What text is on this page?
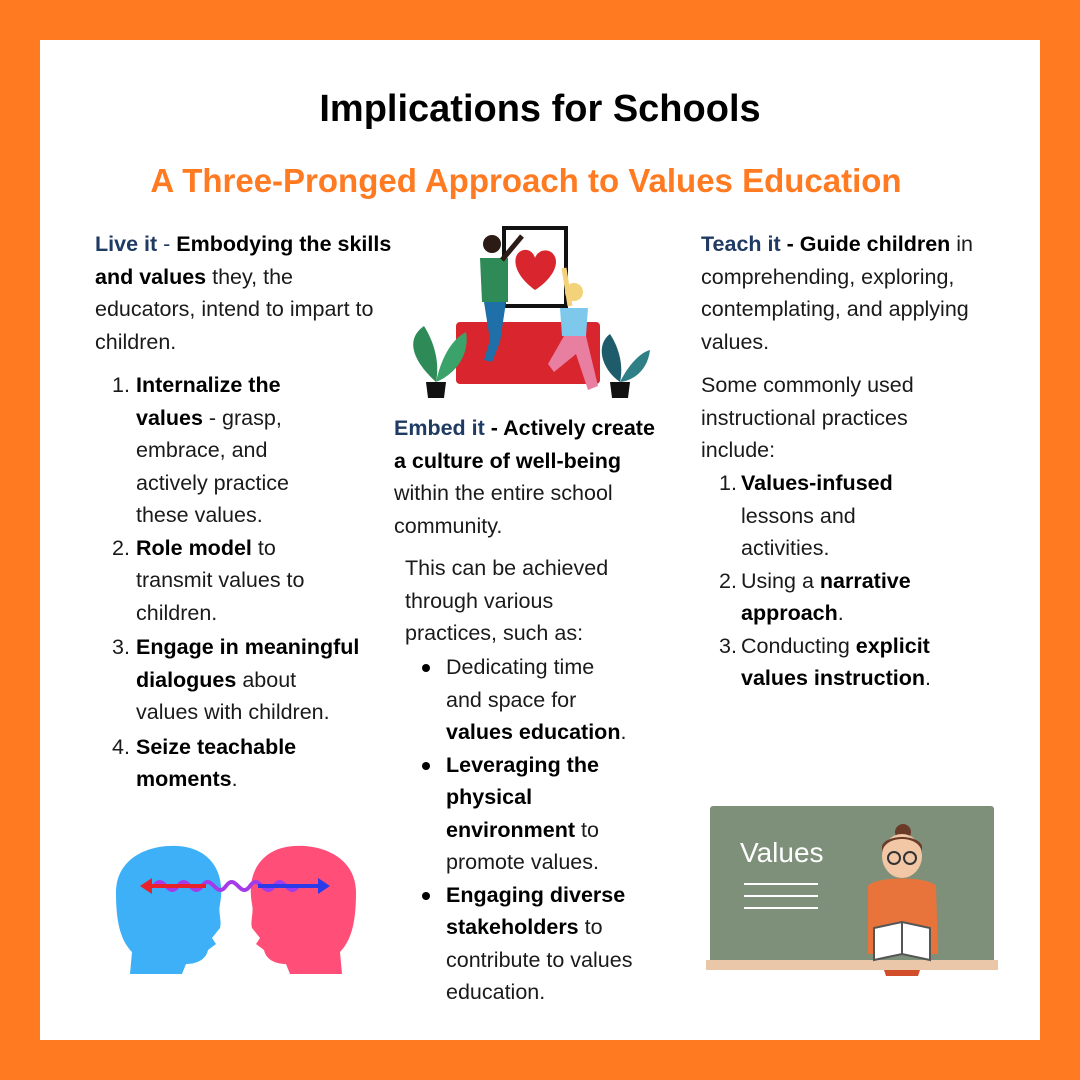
Implications for Schools
A Three-Pronged Approach to Values Education

Live it - Embodying the skills and values they, the educators, intend to impart to children.

1. Internalize the values - grasp, embrace, and actively practice these values.
2. Role model to transmit values to children.
3. Engage in meaningful dialogues about values with children.
4. Seize teachable moments.

Embed it - Actively create a culture of well-being within the entire school community.

This can be achieved through various practices, such as:

Dedicating time and space for values education.
Leveraging the physical environment to promote values.
Engaging diverse stakeholders to contribute to values education.

Teach it - Guide children in comprehending, exploring, contemplating, and applying values.

Some commonly used instructional practices include:

1. Values-infused lessons and activities.
2. Using a narrative approach.
3. Conducting explicit values instruction.
Values
